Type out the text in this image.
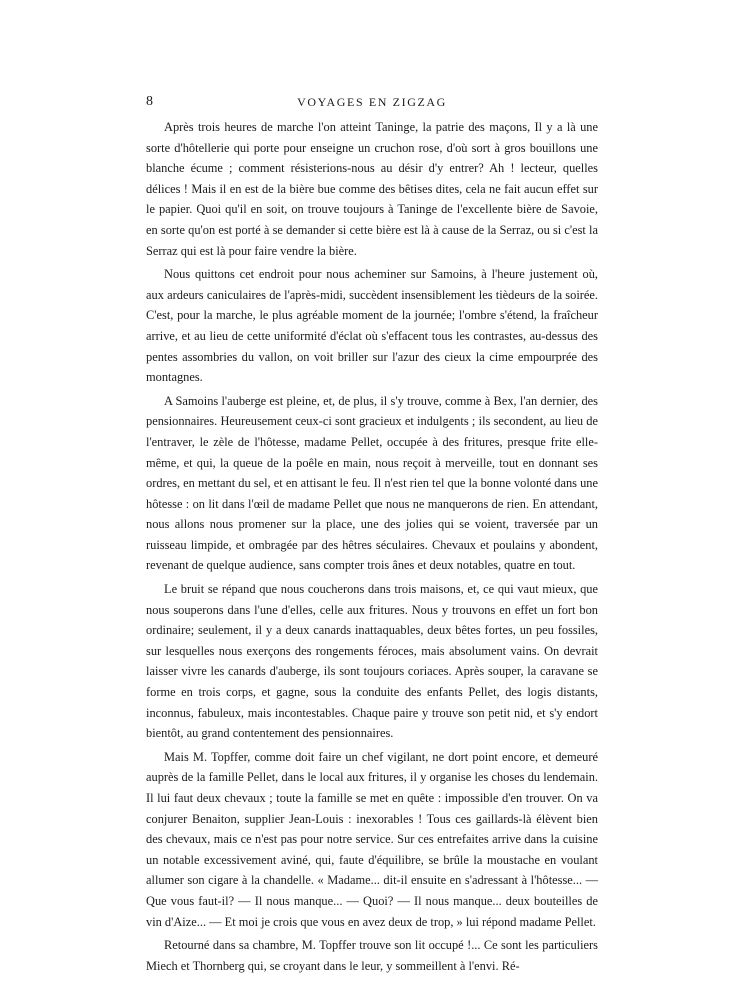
8	VOYAGES EN ZIGZAG

Après trois heures de marche l'on atteint Taninge, la patrie des maçons, Il y a là une sorte d'hôtellerie qui porte pour enseigne un cruchon rose, d'où sort à gros bouillons une blanche écume ; comment résisterions-nous au désir d'y entrer? Ah ! lecteur, quelles délices ! Mais il en est de la bière bue comme des bêtises dites, cela ne fait aucun effet sur le papier. Quoi qu'il en soit, on trouve toujours à Taninge de l'excellente bière de Savoie, en sorte qu'on est porté à se demander si cette bière est là à cause de la Serraz, ou si c'est la Serraz qui est là pour faire vendre la bière.

Nous quittons cet endroit pour nous acheminer sur Samoins, à l'heure justement où, aux ardeurs caniculaires de l'après-midi, succèdent insensiblement les tièdeurs de la soirée. C'est, pour la marche, le plus agréable moment de la journée; l'ombre s'étend, la fraîcheur arrive, et au lieu de cette uniformité d'éclat où s'effacent tous les contrastes, au-dessus des pentes assombries du vallon, on voit briller sur l'azur des cieux la cime empourprée des montagnes.

A Samoins l'auberge est pleine, et, de plus, il s'y trouve, comme à Bex, l'an dernier, des pensionnaires. Heureusement ceux-ci sont gracieux et indulgents ; ils secondent, au lieu de l'entraver, le zèle de l'hôtesse, madame Pellet, occupée à des fritures, presque frite elle-même, et qui, la queue de la poêle en main, nous reçoit à merveille, tout en donnant ses ordres, en mettant du sel, et en attisant le feu. Il n'est rien tel que la bonne volonté dans une hôtesse : on lit dans l'œil de madame Pellet que nous ne manquerons de rien. En attendant, nous allons nous promener sur la place, une des jolies qui se voient, traversée par un ruisseau limpide, et ombragée par des hêtres séculaires. Chevaux et poulains y abondent, revenant de quelque audience, sans compter trois ânes et deux notables, quatre en tout.

Le bruit se répand que nous coucherons dans trois maisons, et, ce qui vaut mieux, que nous souperons dans l'une d'elles, celle aux fritures. Nous y trouvons en effet un fort bon ordinaire; seulement, il y a deux canards inattaquables, deux bêtes fortes, un peu fossiles, sur lesquelles nous exerçons des rongements féroces, mais absolument vains. On devrait laisser vivre les canards d'auberge, ils sont toujours coriaces. Après souper, la caravane se forme en trois corps, et gagne, sous la conduite des enfants Pellet, des logis distants, inconnus, fabuleux, mais incontestables. Chaque paire y trouve son petit nid, et s'y endort bientôt, au grand contentement des pensionnaires.

Mais M. Topffer, comme doit faire un chef vigilant, ne dort point encore, et demeuré auprès de la famille Pellet, dans le local aux fritures, il y organise les choses du lendemain. Il lui faut deux chevaux ; toute la famille se met en quête : impossible d'en trouver. On va conjurer Benaiton, supplier Jean-Louis : inexorables ! Tous ces gaillards-là élèvent bien des chevaux, mais ce n'est pas pour notre service. Sur ces entrefaites arrive dans la cuisine un notable excessivement aviné, qui, faute d'équilibre, se brûle la moustache en voulant allumer son cigare à la chandelle. « Madame... dit-il ensuite en s'adressant à l'hôtesse... — Que vous faut-il? — Il nous manque... — Quoi? — Il nous manque... deux bouteilles de vin d'Aize... — Et moi je crois que vous en avez deux de trop, » lui répond madame Pellet.

Retourné dans sa chambre, M. Topffer trouve son lit occupé !... Ce sont les particuliers Miech et Thornberg qui, se croyant dans le leur, y sommeillent à l'envi. Ré-
